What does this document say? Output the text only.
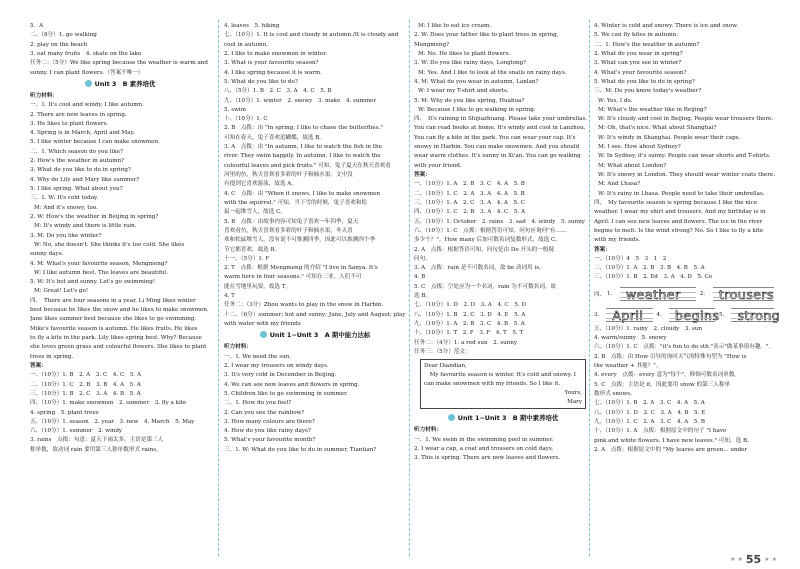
5．A
二、（8分）1. go walking
2. play on the beach
3. eat many fruits　4. skate on the lake
任务二：（5分）We like spring because the weather is warm and
sunny. I can plant flowers.（答案不唯一）
Unit 3　B 素养培优
听力材料：
一、1. It's cool and windy. I like autumn.
2. There are new leaves in spring.
3. He likes to plant flowers.
4. Spring is in March, April and May.
5. I like winter because I can make snowmen.
二、1. Which season do you like?
2. How's the weather in autumn?
3. What do you like to do in spring?
4. Why do Lily and Mary like summer?
5. I like spring. What about you?
三、1. W: It's cold today.
M: And it's snowy, too.
2. W: How's the weather in Beijing in spring?
M: It's windy and there is little rain.
3. M: Do you like winter?
W: No, she doesn't. She thinks it's too cold. She likes
sunny days.
4. M: What's your favourite season, Mengmeng?
W: I like autumn best. The leaves are beautiful.
5. W: It's hot and sunny. Let's go swimming!
M: Great! Let's go!
四、　There are four seasons in a year. Li Ming likes winter
best because he likes the snow and he likes to make snowmen.
Jane likes summer best because she likes to go swimming.
Mike's favourite season is autumn. He likes fruits. He likes
to fly a kite in the park. Lily likes spring best. Why? Because
she loves green grass and colourful flowers. She likes to plant
trees in spring.
答案：
一、（10分）1. B　2. A　3. C　4. C　5. A
二、（10分）1. C　2. B　3. B　4. A　5. A
三、（10分）1. B　2. C　3. A　4. B　5. A
四、（10分）1. make snowmen　2. summer　3. fly a kite
4. spring　5. plant trees
五、（10分）1. season　2. year　3. new　4. March　5. May
六、（10分）1. summer　2. windy
3. rains　点拨：句意：夏天下雨太多。主语是第三人
称单数，故动词 rain 要用第三人称单数形式 rains。
4. leaves　5. hiking
七、（10分）1. It is cool and cloudy in autumn./It is cloudy and
cool in autumn.
2. I like to make snowmen in winter.
3. What is your favourite season?
4. I like spring because it is warm.
5. What do you like to do?
八、（5分）1. B　2. C　3. A　4. C　5. B
九、（10分）1. winter　2. snowy　3. make　4. summer
5. swim
十、（10分）1. C
2. B　点拨：由 "In spring, I like to chase the butterflies."
可知在春天，兔子喜欢追蝴蝶，故选 B。
3. A　点拨：由 "In autumn, I like to watch the fish in the
river. They swim happily. In autumn, I like to watch the
colourful leaves and pick fruits." 可知，兔子夏天在秋天喜欢看
河里的鱼，秋天喜欢看多彩的叶子和摘水果。文中没
有提到它喜欢游泳，故选 A。
4. C　点拨：由 "When it snows, I like to make snowmen
with the squirrel." 可知，当下雪的时候，兔子喜欢和松
鼠一起堆雪人，故选 C。
5. B　点拨：由故事内容可知兔子喜欢一年四季，夏天
喜欢看鱼，秋天喜欢看多彩的叶子和摘水果，冬天喜
欢和松鼠堆雪人，没有说不可推测四季，因此可以推测四个季
节它都喜欢，故选 B。
十一、（5分）1. F
2. T　点拨：根据 Mengmeng 的介绍 "I live in Sanya. It's
warm here in four seasons." 可知在三亚，人们不可
能在雪地里玩耍，故选 T。
4. T
任务二：（3分）Zhou wants to play in the snow in Harbin.
十二、（6分）summer; hot and sunny; June, July and August; play
with water with my friends
Unit 1~Unit 3　A 期中能力达标
听力材料：
一、1. We need the sun.
2. I wear my trousers on windy days.
3. It's very cold in December in Beijing.
4. We can see new leaves and flowers in spring.
5. Children like to go swimming in summer.
二、1. How do you feel?
2. Can you see the rainbow?
3. How many colours are there?
4. How do you like rainy days?
5. What's your favourite month?
三、1. W: What do you like to do in summer, Tiantian?
M: I like to eat ice cream.
2. W: Does your father like to plant trees in spring,
Mengmeng?
M: No. He likes to plant flowers.
3. W: Do you like rainy days, Longlong?
M: Yes. And I like to look at the snails on rainy days.
4. M: What do you wear in autumn, Lanlan?
W: I wear my T-shirt and shorts.
5. M: Why do you like spring, Huahua?
W: Because I like to go walking in spring.
四、　It's raining in Shijiazhuang. Please take your umbrellas.
You can read books at home. It's windy and cool in Lanzhou.
You can fly a kite in the park. You can wear your cap. It's
snowy in Harbin. You can make snowmen. And you should
wear warm clothes. It's sunny in Xi'an. You can go walking
with your friend.
答案：
一、（10分）1. A　2. B　3. C　4. A　5. B
二、（10分）1. C　2. A　3. A　4. A　5. B
三、（10分）1. A　2. C　3. A　4. A　5. C
四、（10分）1. C　2. B　3. A　4. C　5. A
五、（10分）1. October　2. rains　3. sad　4. windy　5. sunny
六、（10分）1. C　点拨：根据答语可知，问句应询问"有……
多少个？"，How many 后加可数名词复数形式，故选 C。
2. A　点拨：根据答语可知，问句是由 Do 开头的一般疑
问句。
3. A　点拨：rain 是不可数名词，故 be 动词用 is。
4. B
5. C　点拨：空处应为一个名词，rain 为不可数名词，故
选 B。
七、（10分）1. D　2. D　3. A　4. C　5. D
八、（10分）1. B　2. C　3. D　4. E　5. A
九、（10分）1. A　2. B　3. C　4. B　5. A
十、（10分）1. T　2. F　3. F　4. T　5. T
任务二：（4分）1. a red sun　2. sunny
任务三：（5分）范文：
Dear Diandian,
　My favourite season is winter. It's cold and snowy. I
can make snowmen with my friends. So I like it.
Yours,
Mary
Unit 1~Unit 3　B 期中素养培优
听力材料：
一、1. We swim in the swimming pool in summer.
2. I wear a cap, a coat and trousers on cold days.
3. This is spring. There are new leaves and flowers.
4. Winter is cold and snowy. There is ice and snow.
5. We can fly kites in autumn.
二、1. How's the weather in autumn?
2. What do you wear in spring?
3. What can you see in winter?
4. What's your favourite season?
5. What do you like to do in spring?
三、M: Do you know today's weather?
W: Yes, I do.
M: What's the weather like in Beijing?
W: It's cloudy and cool in Beijing. People wear trousers there.
M: Oh, that's nice. What about Shanghai?
W: It's windy in Shanghai. People wear their caps.
M: I see. How about Sydney?
W: In Sydney, it's sunny. People can wear shorts and T-shirts.
M: What about London?
W: It's snowy in London. They should wear winter coats there.
M: And Lhasa?
W: It's rainy in Lhasa. People need to take their umbrellas.
四、　My favourite season is spring because I like the nice
weather. I wear my shirt and trousers. And my birthday is in
April. I can see new leaves and flowers. The ice in the river
begins to melt. Is the wind strong? No. So I like to fly a kite
with my friends.
答案：
一、（10分）4　5　3　1　2
二、（10分）1. A　2. B　3. B　4. B　5. A
三、（10分）1. B　2. Ed　3. A　4. D　5. Ce
四、 1.	weather	2.	trousers
3.	April 4.	begins 5.	strong
五、（10分）1. rainy　2. cloudy　3. sun
4. warm/sunny　5. snowy
六、（10分）1. C　点拨："it's fun to do sth."表示"做某事很有趣。"。
2. B　点拨：由 How 引导的询问天气的特殊句型为 "How is
the weather + 其他？"。
4. every　点拨：every 意为"每个"，修饰可数名词单数。
5. C　点拨：主语是 it，因此要用 snow 的第三人称单
数形式 snows。
七、（10分）1. B　2. A　3. C　4. A　5. A
八、（10分）1. D　2. C　3. A　4. B　5. E
九、（10分）1. C　2. A　3. C　4. A　5. B
十、（10分）1. A　点拨：根据原文中的句子 "I have
pink and white flowers. I have new leaves." 可知，选 B。
2. A　点拨：根据原文中的 "My leaves are green... under
★ ★ 55 ★ ★
